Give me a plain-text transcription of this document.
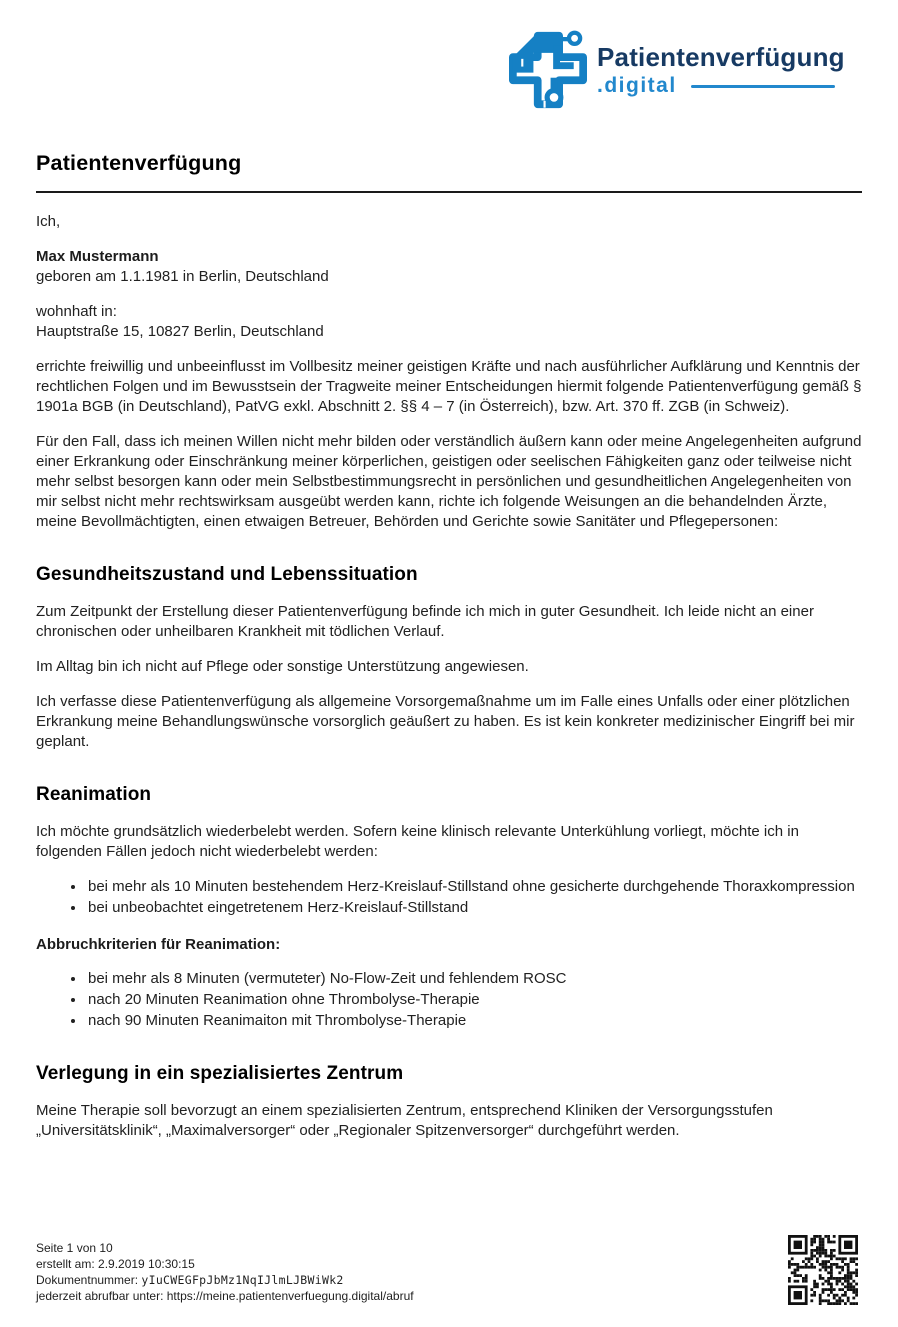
Patientenverfügung
.digital
Patientenverfügung

Ich,

Max Mustermann
geboren am 1.1.1981 in Berlin, Deutschland

wohnhaft in:
Hauptstraße 15, 10827 Berlin, Deutschland

errichte freiwillig und unbeeinflusst im Vollbesitz meiner geistigen Kräfte und nach ausführlicher Aufklärung und Kenntnis der rechtlichen Folgen und im Bewusstsein der Tragweite meiner Entscheidungen hiermit folgende Patientenverfügung gemäß § 1901a BGB (in Deutschland), PatVG exkl. Abschnitt 2. §§ 4 – 7 (in Österreich), bzw. Art. 370 ff. ZGB (in Schweiz).

Für den Fall, dass ich meinen Willen nicht mehr bilden oder verständlich äußern kann oder meine Angelegenheiten aufgrund einer Erkrankung oder Einschränkung meiner körperlichen, geistigen oder seelischen Fähigkeiten ganz oder teilweise nicht mehr selbst besorgen kann oder mein Selbstbestimmungsrecht in persönlichen und gesundheitlichen Angelegenheiten von mir selbst nicht mehr rechtswirksam ausgeübt werden kann, richte ich folgende Weisungen an die behandelnden Ärzte, meine Bevollmächtigten, einen etwaigen Betreuer, Behörden und Gerichte sowie Sanitäter und Pflegepersonen:

Gesundheitszustand und Lebenssituation

Zum Zeitpunkt der Erstellung dieser Patientenverfügung befinde ich mich in guter Gesundheit. Ich leide nicht an einer chronischen oder unheilbaren Krankheit mit tödlichen Verlauf.

Im Alltag bin ich nicht auf Pflege oder sonstige Unterstützung angewiesen.

Ich verfasse diese Patientenverfügung als allgemeine Vorsorgemaßnahme um im Falle eines Unfalls oder einer plötzlichen Erkrankung meine Behandlungswünsche vorsorglich geäußert zu haben. Es ist kein konkreter medizinischer Eingriff bei mir geplant.

Reanimation

Ich möchte grundsätzlich wiederbelebt werden. Sofern keine klinisch relevante Unterkühlung vorliegt, möchte ich in folgenden Fällen jedoch nicht wiederbelebt werden:

• bei mehr als 10 Minuten bestehendem Herz-Kreislauf-Stillstand ohne gesicherte durchgehende Thoraxkompression
• bei unbeobachtet eingetretenem Herz-Kreislauf-Stillstand

Abbruchkriterien für Reanimation:

• bei mehr als 8 Minuten (vermuteter) No-Flow-Zeit und fehlendem ROSC
• nach 20 Minuten Reanimation ohne Thrombolyse-Therapie
• nach 90 Minuten Reanimaiton mit Thrombolyse-Therapie
Verlegung in ein spezialisiertes Zentrum

Meine Therapie soll bevorzugt an einem spezialisierten Zentrum, entsprechend Kliniken der Versorgungsstufen „Universitätsklinik“, „Maximalversorger“ oder „Regionaler Spitzenversorger“ durchgeführt werden.

Seite 1 von 10
erstellt am: 2.9.2019 10:30:15
Dokumentnummer: yIuCWEGFpJbMz1NqIJlmLJBWiWk2
jederzeit abrufbar unter: https://meine.patientenverfuegung.digital/abruf
